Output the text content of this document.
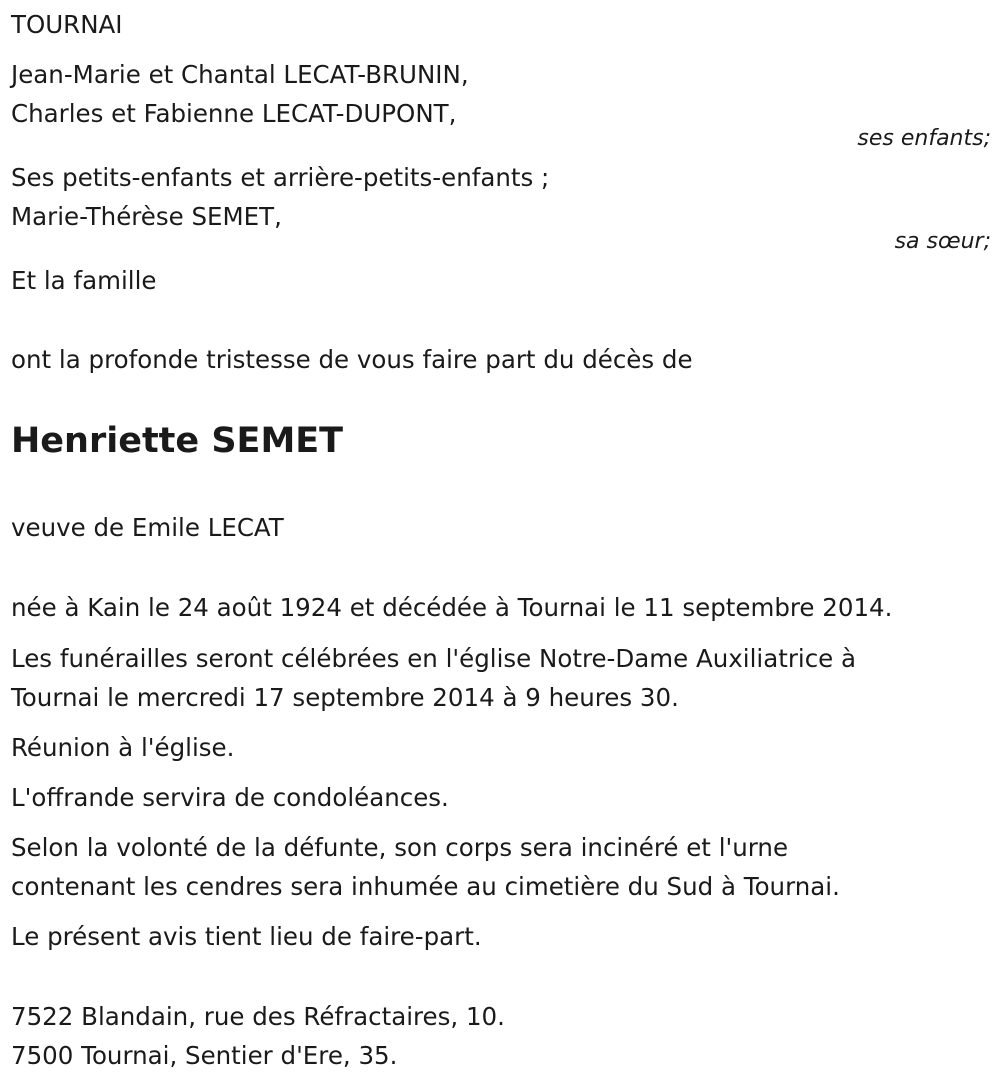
TOURNAI
Jean-Marie et Chantal LECAT-BRUNIN,
Charles et Fabienne LECAT-DUPONT,
ses enfants;
Ses petits-enfants et arrière-petits-enfants ;
Marie-Thérèse SEMET,
sa sœur;
Et la famille
ont la profonde tristesse de vous faire part du décès de
Henriette SEMET
veuve de Emile LECAT
née à Kain le 24 août 1924 et décédée à Tournai le 11 septembre 2014.
Les funérailles seront célébrées en l'église Notre-Dame Auxiliatrice à
Tournai le mercredi 17 septembre 2014 à 9 heures 30.
Réunion à l'église.
L'offrande servira de condoléances.
Selon la volonté de la défunte, son corps sera incinéré et l'urne
contenant les cendres sera inhumée au cimetière du Sud à Tournai.
Le présent avis tient lieu de faire-part.
7522 Blandain, rue des Réfractaires, 10.
7500 Tournai, Sentier d'Ere, 35.
